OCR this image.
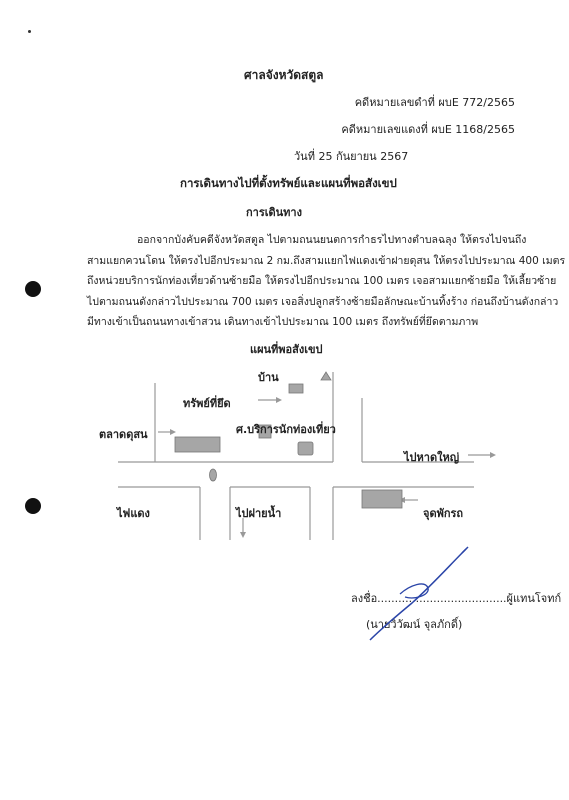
ศาลจังหวัดสตูล
คดีหมายเลขดำที่ ผบE 772/2565
คดีหมายเลขแดงที่ ผบE 1168/2565
วันที่ 25 กันยายน 2567
การเดินทางไปที่ตั้งทรัพย์และแผนที่พอสังเขป
การเดินทาง

ออกจากบังคับคดีจังหวัดสตูล ไปตามถนนยนตการกำธรไปทางตำบลฉลุง ให้ตรงไปจนถึง

สามแยกควนโดน ให้ตรงไปอีกประมาณ 2 กม.ถึงสามแยกไฟแดงเข้าฝายดุสน ให้ตรงไปประมาณ 400 เมตร

ถึงหน่วยบริการนักท่องเที่ยวด้านซ้ายมือ ให้ตรงไปอีกประมาณ 100 เมตร เจอสามแยกซ้ายมือ ให้เลี้ยวซ้าย

ไปตามถนนดังกล่าวไปประมาณ 700 เมตร เจอสิ่งปลูกสร้างซ้ายมือลักษณะบ้านทิ้งร้าง ก่อนถึงบ้านดังกล่าว

มีทางเข้าเป็นถนนทางเข้าสวน เดินทางเข้าไปประมาณ 100 เมตร ถึงทรัพย์ที่ยึดตามภาพ

แผนที่พอสังเขป
บ้าน
ทรัพย์ที่ยึด
ตลาดดุสน	ศ.บริการนักท่องเที่ยว
ไปหาดใหญ่
ไฟแดง	ไปฝายน้ำ	จุดพักรถ
ลงชื่อ.....................................ผู้แทนโจทก์
(นายวิวัฒน์ จุลภักดิ์)
